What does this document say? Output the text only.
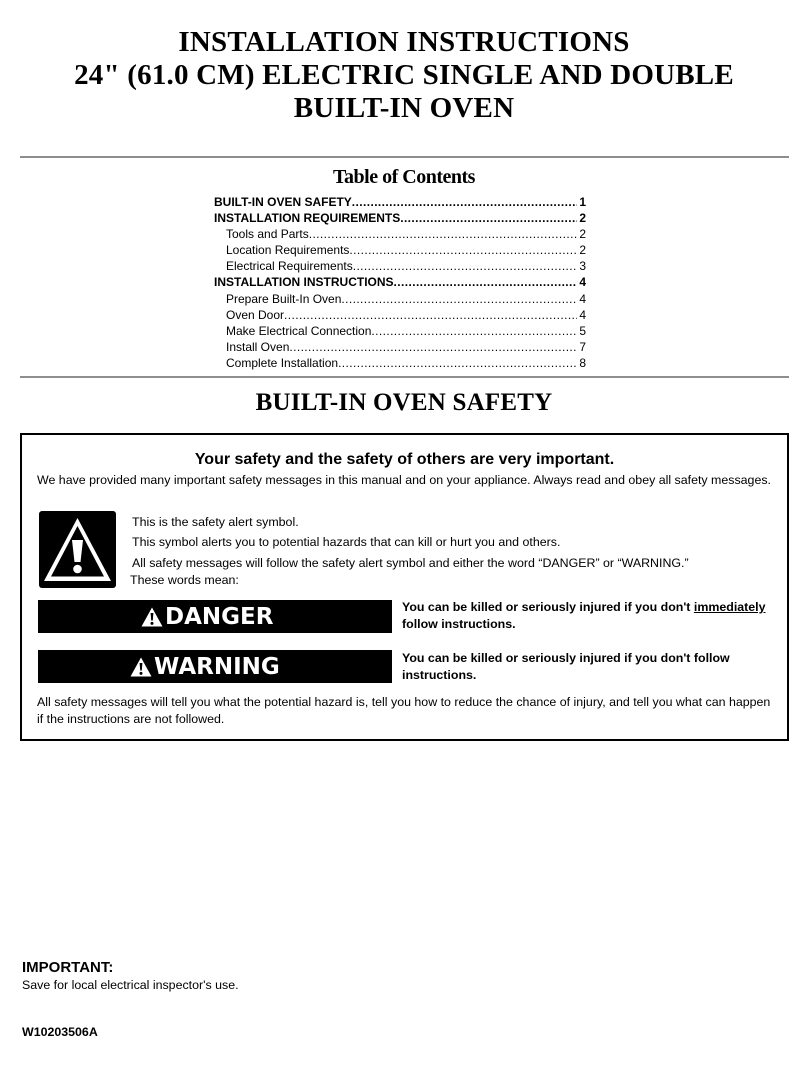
INSTALLATION INSTRUCTIONS
24" (61.0 CM) ELECTRIC SINGLE AND DOUBLE
BUILT-IN OVEN
Table of Contents
BUILT-IN OVEN SAFETY .....	1
INSTALLATION REQUIREMENTS .....	2
Tools and Parts .....	2
Location Requirements .....	2
Electrical Requirements .....	3
INSTALLATION INSTRUCTIONS .....	4
Prepare Built-In Oven .....	4
Oven Door .....	4
Make Electrical Connection .....	5
Install Oven .....	7
Complete Installation .....	8
BUILT-IN OVEN SAFETY
Your safety and the safety of others are very important.
We have provided many important safety messages in this manual and on your appliance. Always read and obey all safety messages.
This is the safety alert symbol.
This symbol alerts you to potential hazards that can kill or hurt you and others.
All safety messages will follow the safety alert symbol and either the word “DANGER” or “WARNING.”
These words mean:
DANGER	You can be killed or seriously injured if you don't immediately
follow instructions.
WARNING	You can be killed or seriously injured if you don't follow instructions.
All safety messages will tell you what the potential hazard is, tell you how to reduce the chance of injury, and tell you what can happen if the instructions are not followed.
IMPORTANT:
Save for local electrical inspector's use.
W10203506A
